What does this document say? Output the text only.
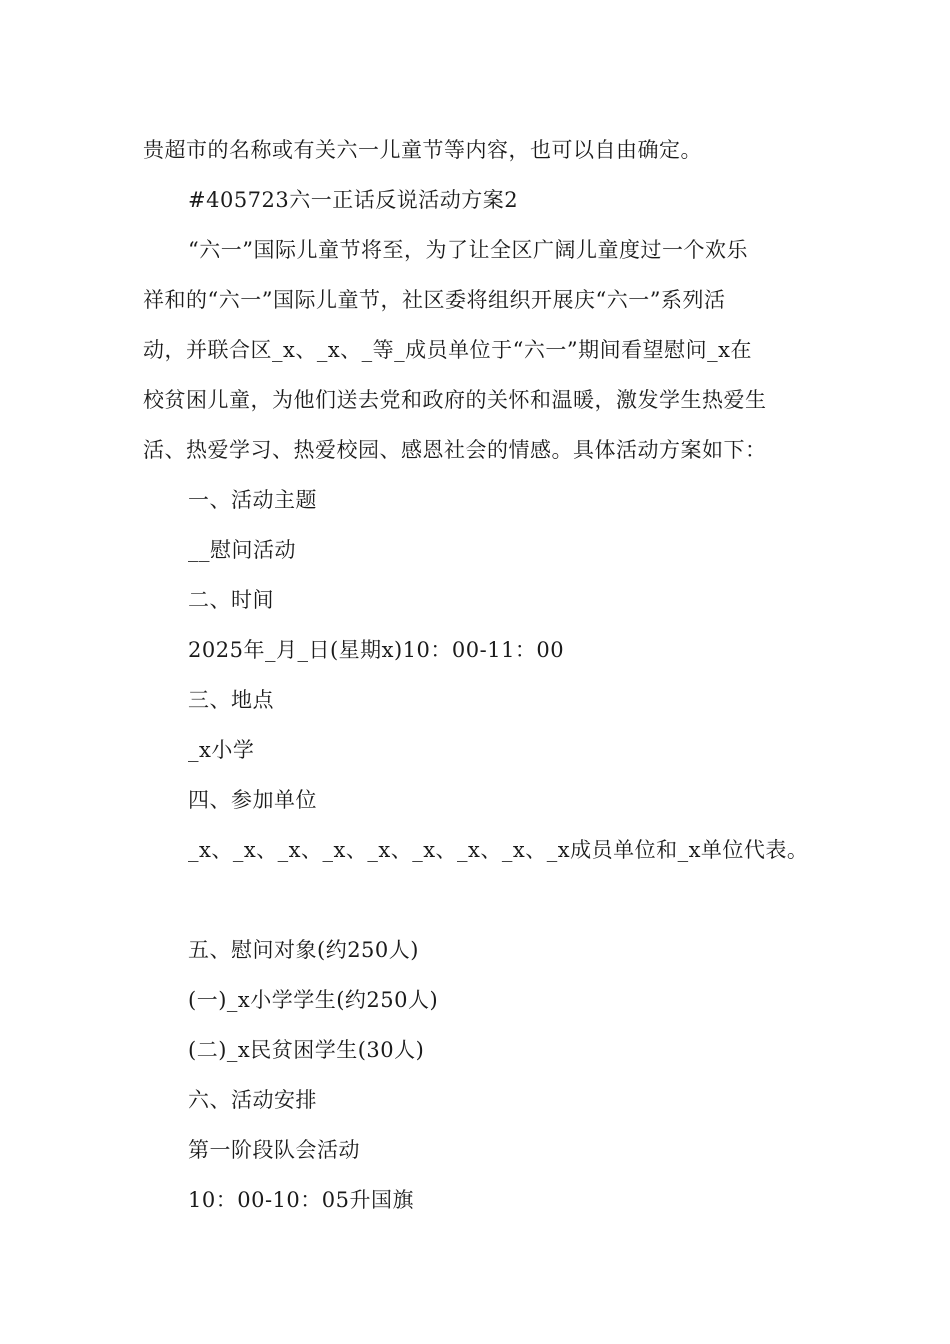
贵超市的名称或有关六一儿童节等内容，也可以自由确定。
#405723六一正话反说活动方案2
“六一”国际儿童节将至，为了让全区广阔儿童度过一个欢乐
祥和的“六一”国际儿童节，社区委将组织开展庆“六一”系列活
动，并联合区_x、_x、_等_成员单位于“六一”期间看望慰问_x在
校贫困儿童，为他们送去党和政府的关怀和温暖，激发学生热爱生
活、热爱学习、热爱校园、感恩社会的情感。具体活动方案如下：
一、活动主题
__慰问活动
二、时间
2025年_月_日(星期x)10：00-11：00
三、地点
_x小学
四、参加单位
_x、_x、_x、_x、_x、_x、_x、_x、_x成员单位和_x单位代表。
五、慰问对象(约250人)
(一)_x小学学生(约250人)
(二)_x民贫困学生(30人)
六、活动安排
第一阶段队会活动
10：00-10：05升国旗
